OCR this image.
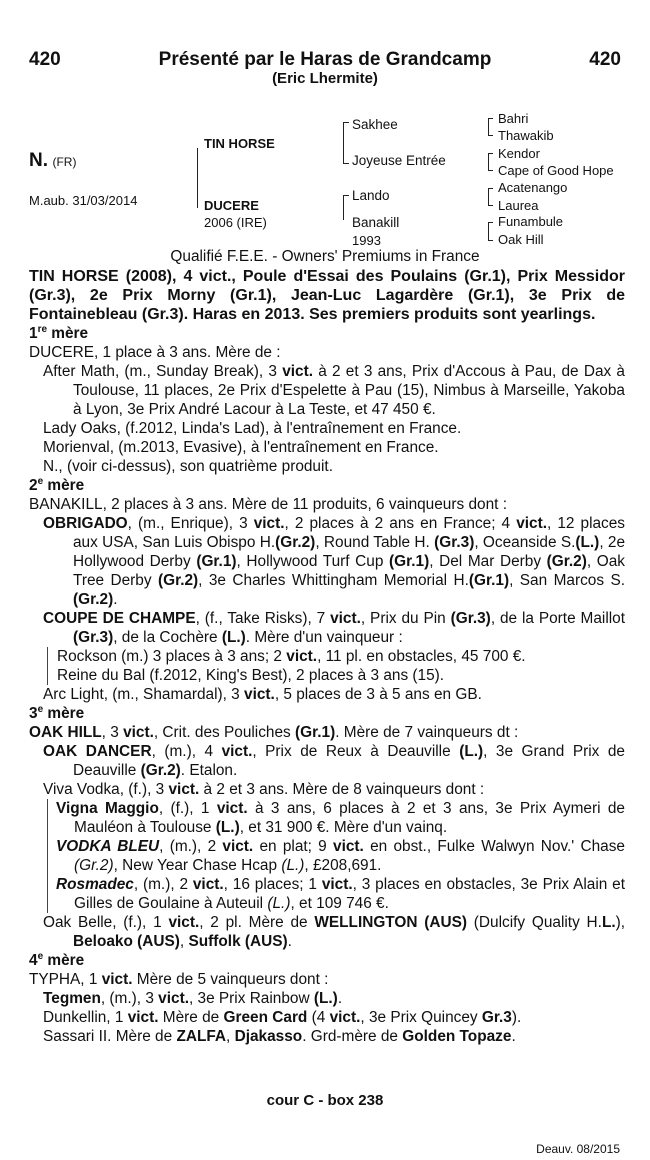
420	Présenté par le Haras de Grandcamp	420
(Eric Lhermite)
N. (FR)
M.aub. 31/03/2014
TIN HORSE
DUCERE
2006 (IRE)
Sakhee
Joyeuse Entrée
Lando
Banakill
1993
Bahri
Thawakib
Kendor
Cape of Good Hope
Acatenango
Laurea
Funambule
Oak Hill
Qualifié F.E.E. - Owners' Premiums in France

TIN HORSE (2008), 4 vict., Poule d'Essai des Poulains (Gr.1), Prix Messidor (Gr.3), 2e Prix Morny (Gr.1), Jean-Luc Lagardère (Gr.1), 3e Prix de Fontainebleau (Gr.3). Haras en 2013. Ses premiers produits sont yearlings.

1re mère

DUCERE, 1 place à 3 ans. Mère de :

After Math, (m., Sunday Break), 3 vict. à 2 et 3 ans, Prix d'Accous à Pau, de Dax à Toulouse, 11 places, 2e Prix d'Espelette à Pau (15), Nimbus à Marseille, Yakoba à Lyon, 3e Prix André Lacour à La Teste, et 47 450 €.

Lady Oaks, (f.2012, Linda's Lad), à l'entraînement en France.

Morienval, (m.2013, Evasive), à l'entraînement en France.

N., (voir ci-dessus), son quatrième produit.

2e mère

BANAKILL, 2 places à 3 ans. Mère de 11 produits, 6 vainqueurs dont :

OBRIGADO, (m., Enrique), 3 vict., 2 places à 2 ans en France; 4 vict., 12 places aux USA, San Luis Obispo H.(Gr.2), Round Table H. (Gr.3), Oceanside S.(L.), 2e Hollywood Derby (Gr.1), Hollywood Turf Cup (Gr.1), Del Mar Derby (Gr.2), Oak Tree Derby (Gr.2), 3e Charles Whittingham Memorial H.(Gr.1), San Marcos S.(Gr.2).

COUPE DE CHAMPE, (f., Take Risks), 7 vict., Prix du Pin (Gr.3), de la Porte Maillot (Gr.3), de la Cochère (L.). Mère d'un vainqueur :

Rockson (m.) 3 places à 3 ans; 2 vict., 11 pl. en obstacles, 45 700 €.

Reine du Bal (f.2012, King's Best), 2 places à 3 ans (15).

Arc Light, (m., Shamardal), 3 vict., 5 places de 3 à 5 ans en GB.

3e mère

OAK HILL, 3 vict., Crit. des Pouliches (Gr.1). Mère de 7 vainqueurs dt :

OAK DANCER, (m.), 4 vict., Prix de Reux à Deauville (L.), 3e Grand Prix de Deauville (Gr.2). Etalon.

Viva Vodka, (f.), 3 vict. à 2 et 3 ans. Mère de 8 vainqueurs dont :

Vigna Maggio, (f.), 1 vict. à 3 ans, 6 places à 2 et 3 ans, 3e Prix Aymeri de Mauléon à Toulouse (L.), et 31 900 €. Mère d'un vainq.

VODKA BLEU, (m.), 2 vict. en plat; 9 vict. en obst., Fulke Walwyn Nov.' Chase (Gr.2), New Year Chase Hcap (L.), £208,691.

Rosmadec, (m.), 2 vict., 16 places; 1 vict., 3 places en obstacles, 3e Prix Alain et Gilles de Goulaine à Auteuil (L.), et 109 746 €.

Oak Belle, (f.), 1 vict., 2 pl. Mère de WELLINGTON (AUS) (Dulcify Quality H.L.), Beloako (AUS), Suffolk (AUS).

4e mère

TYPHA, 1 vict. Mère de 5 vainqueurs dont :

Tegmen, (m.), 3 vict., 3e Prix Rainbow (L.).

Dunkellin, 1 vict. Mère de Green Card (4 vict., 3e Prix Quincey Gr.3).

Sassari II. Mère de ZALFA, Djakasso. Grd-mère de Golden Topaze.

cour C - box 238
Deauv. 08/2015
